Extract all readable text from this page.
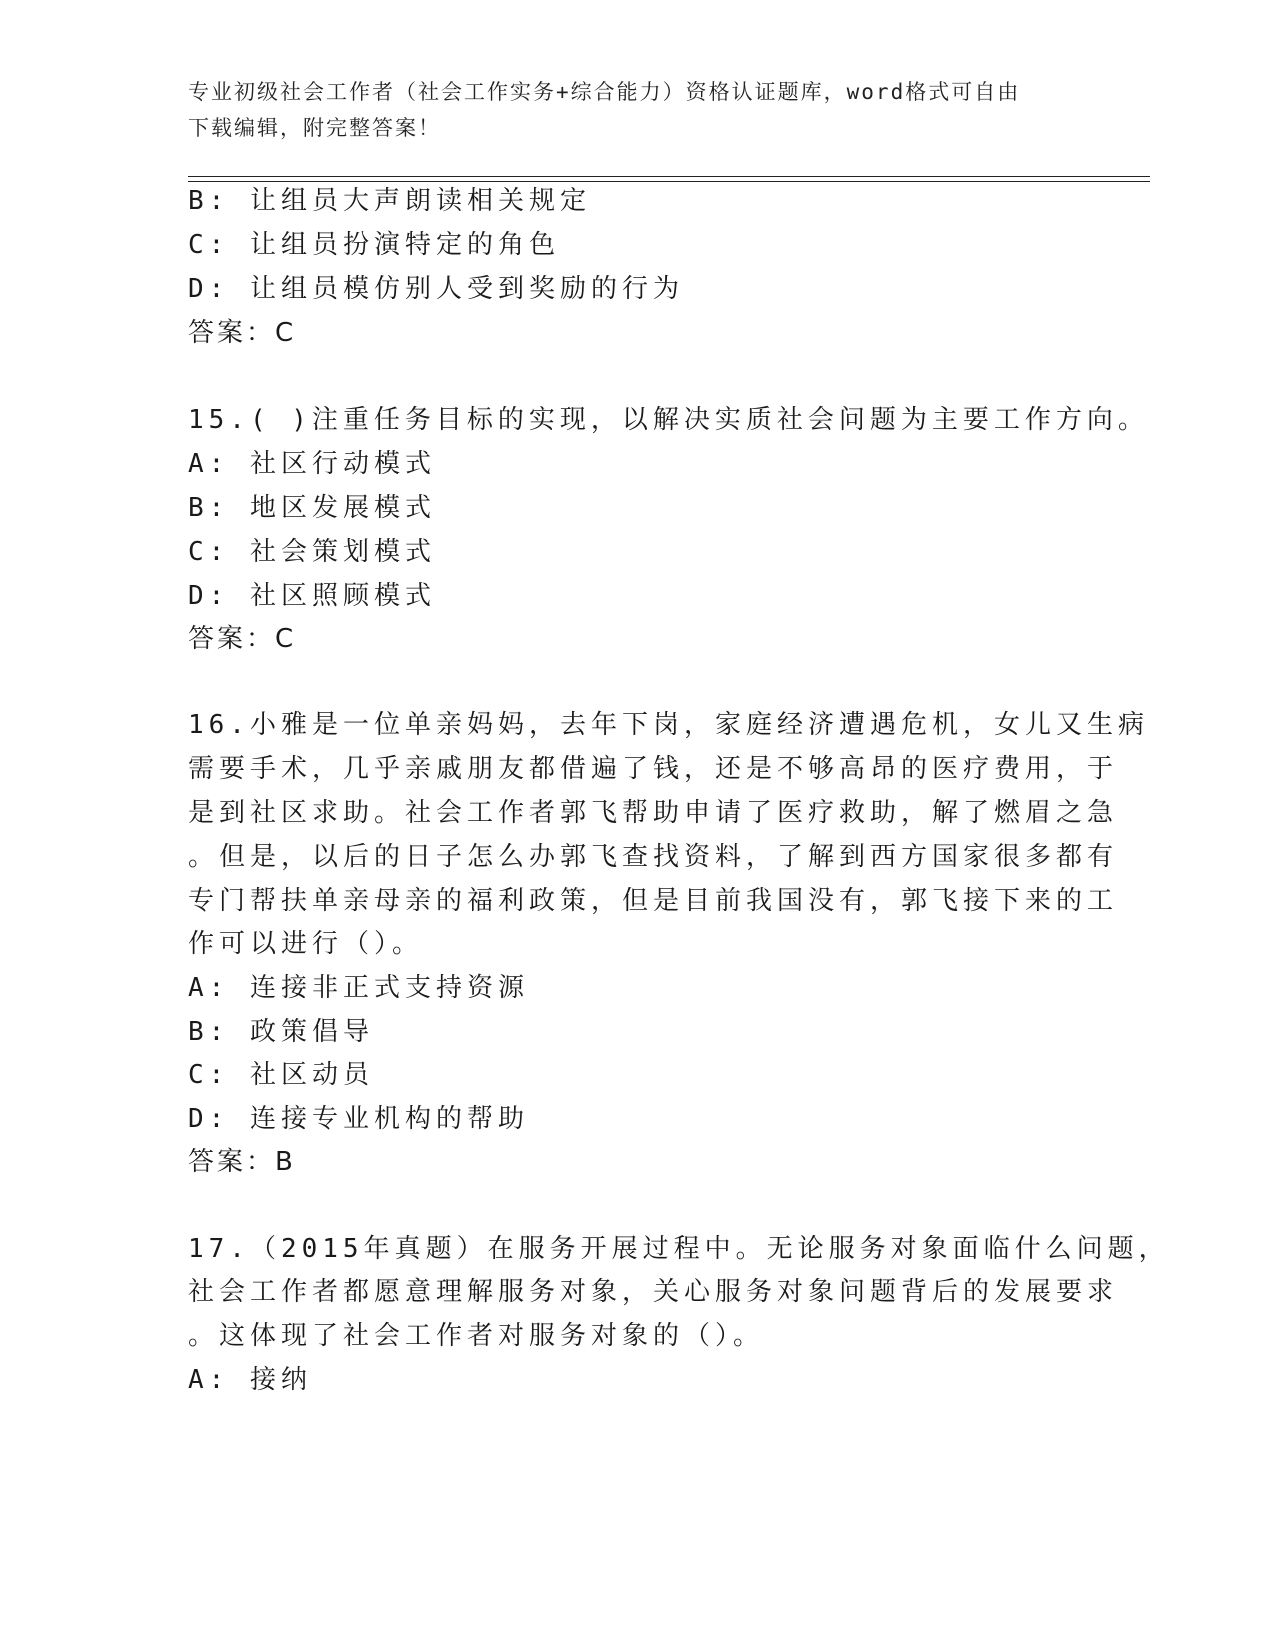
专业初级社会工作者（社会工作实务+综合能力）资格认证题库，word格式可自由
下载编辑，附完整答案！
B: 让组员大声朗读相关规定
C: 让组员扮演特定的角色
D: 让组员模仿别人受到奖励的行为
答案：C
15.( )注重任务目标的实现，以解决实质社会问题为主要工作方向。
A: 社区行动模式
B: 地区发展模式
C: 社会策划模式
D: 社区照顾模式
答案：C
16.小雅是一位单亲妈妈，去年下岗，家庭经济遭遇危机，女儿又生病
需要手术，几乎亲戚朋友都借遍了钱，还是不够高昂的医疗费用，于
是到社区求助。社会工作者郭飞帮助申请了医疗救助，解了燃眉之急
。但是，以后的日子怎么办郭飞查找资料，了解到西方国家很多都有
专门帮扶单亲母亲的福利政策，但是目前我国没有，郭飞接下来的工
作可以进行（）。
A: 连接非正式支持资源
B: 政策倡导
C: 社区动员
D: 连接专业机构的帮助
答案：B
17.（2015年真题）在服务开展过程中。无论服务对象面临什么问题，
社会工作者都愿意理解服务对象，关心服务对象问题背后的发展要求
。这体现了社会工作者对服务对象的（）。
A: 接纳
